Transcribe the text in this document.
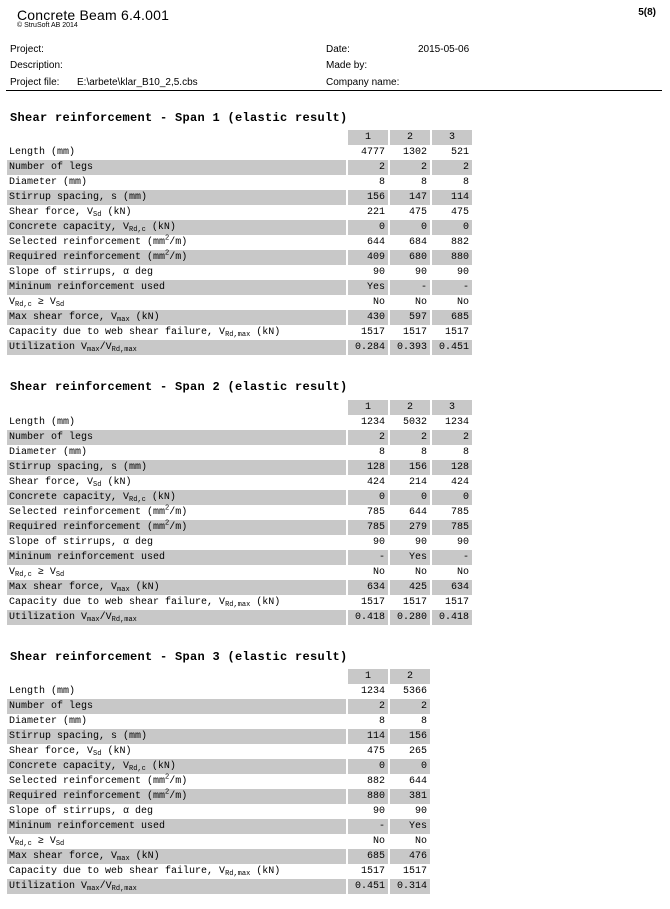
Concrete Beam 6.4.001
© StruSoft AB 2014
5(8)
Project:
Description:
Project file: E:\arbete\klar_B10_2,5.cbs
Date:	2015-05-06
Made by:
Company name:
Shear reinforcement - Span 1 (elastic result)
	1	2	3
Length (mm)	4777	1302	521
Number of legs	2	2	2
Diameter (mm)	8	8	8
Stirrup spacing, s (mm)	156	147	114
Shear force, $V_{Sd}$ (kN)	221	475	475
Concrete capacity, $V_{Rd,c}$ (kN)	0	0	0
Selected reinforcement $(mm^2/m)$	644	684	882
Required reinforcement $(mm^2/m)$	409	680	880
Slope of stirrups, α deg	90	90	90
Mininum reinforcement used	Yes	-	-
$V_{Rd,c} \ge V_{Sd}$	No	No	No
Max shear force, $V_{max}$ (kN)	430	597	685
Capacity due to web shear failure, $V_{Rd,max}$ (kN)	1517	1517	1517
Utilization $V_{max}/V_{Rd,max}$	0.284	0.393	0.451
Shear reinforcement - Span 2 (elastic result)
	1	2	3
Length (mm)	1234	5032	1234
Number of legs	2	2	2
Diameter (mm)	8	8	8
Stirrup spacing, s (mm)	128	156	128
Shear force, $V_{Sd}$ (kN)	424	214	424
Concrete capacity, $V_{Rd,c}$ (kN)	0	0	0
Selected reinforcement $(mm^2/m)$	785	644	785
Required reinforcement $(mm^2/m)$	785	279	785
Slope of stirrups, α deg	90	90	90
Mininum reinforcement used	-	Yes	-
$V_{Rd,c} \ge V_{Sd}$	No	No	No
Max shear force, $V_{max}$ (kN)	634	425	634
Capacity due to web shear failure, $V_{Rd,max}$ (kN)	1517	1517	1517
Utilization $V_{max}/V_{Rd,max}$	0.418	0.280	0.418
Shear reinforcement - Span 3 (elastic result)
	1	2
Length (mm)	1234	5366
Number of legs	2	2
Diameter (mm)	8	8
Stirrup spacing, s (mm)	114	156
Shear force, $V_{Sd}$ (kN)	475	265
Concrete capacity, $V_{Rd,c}$ (kN)	0	0
Selected reinforcement $(mm^2/m)$	882	644
Required reinforcement $(mm^2/m)$	880	381
Slope of stirrups, α deg	90	90
Mininum reinforcement used	-	Yes
$V_{Rd,c} \ge V_{Sd}$	No	No
Max shear force, $V_{max}$ (kN)	685	476
Capacity due to web shear failure, $V_{Rd,max}$ (kN)	1517	1517
Utilization $V_{max}/V_{Rd,max}$	0.451	0.314
